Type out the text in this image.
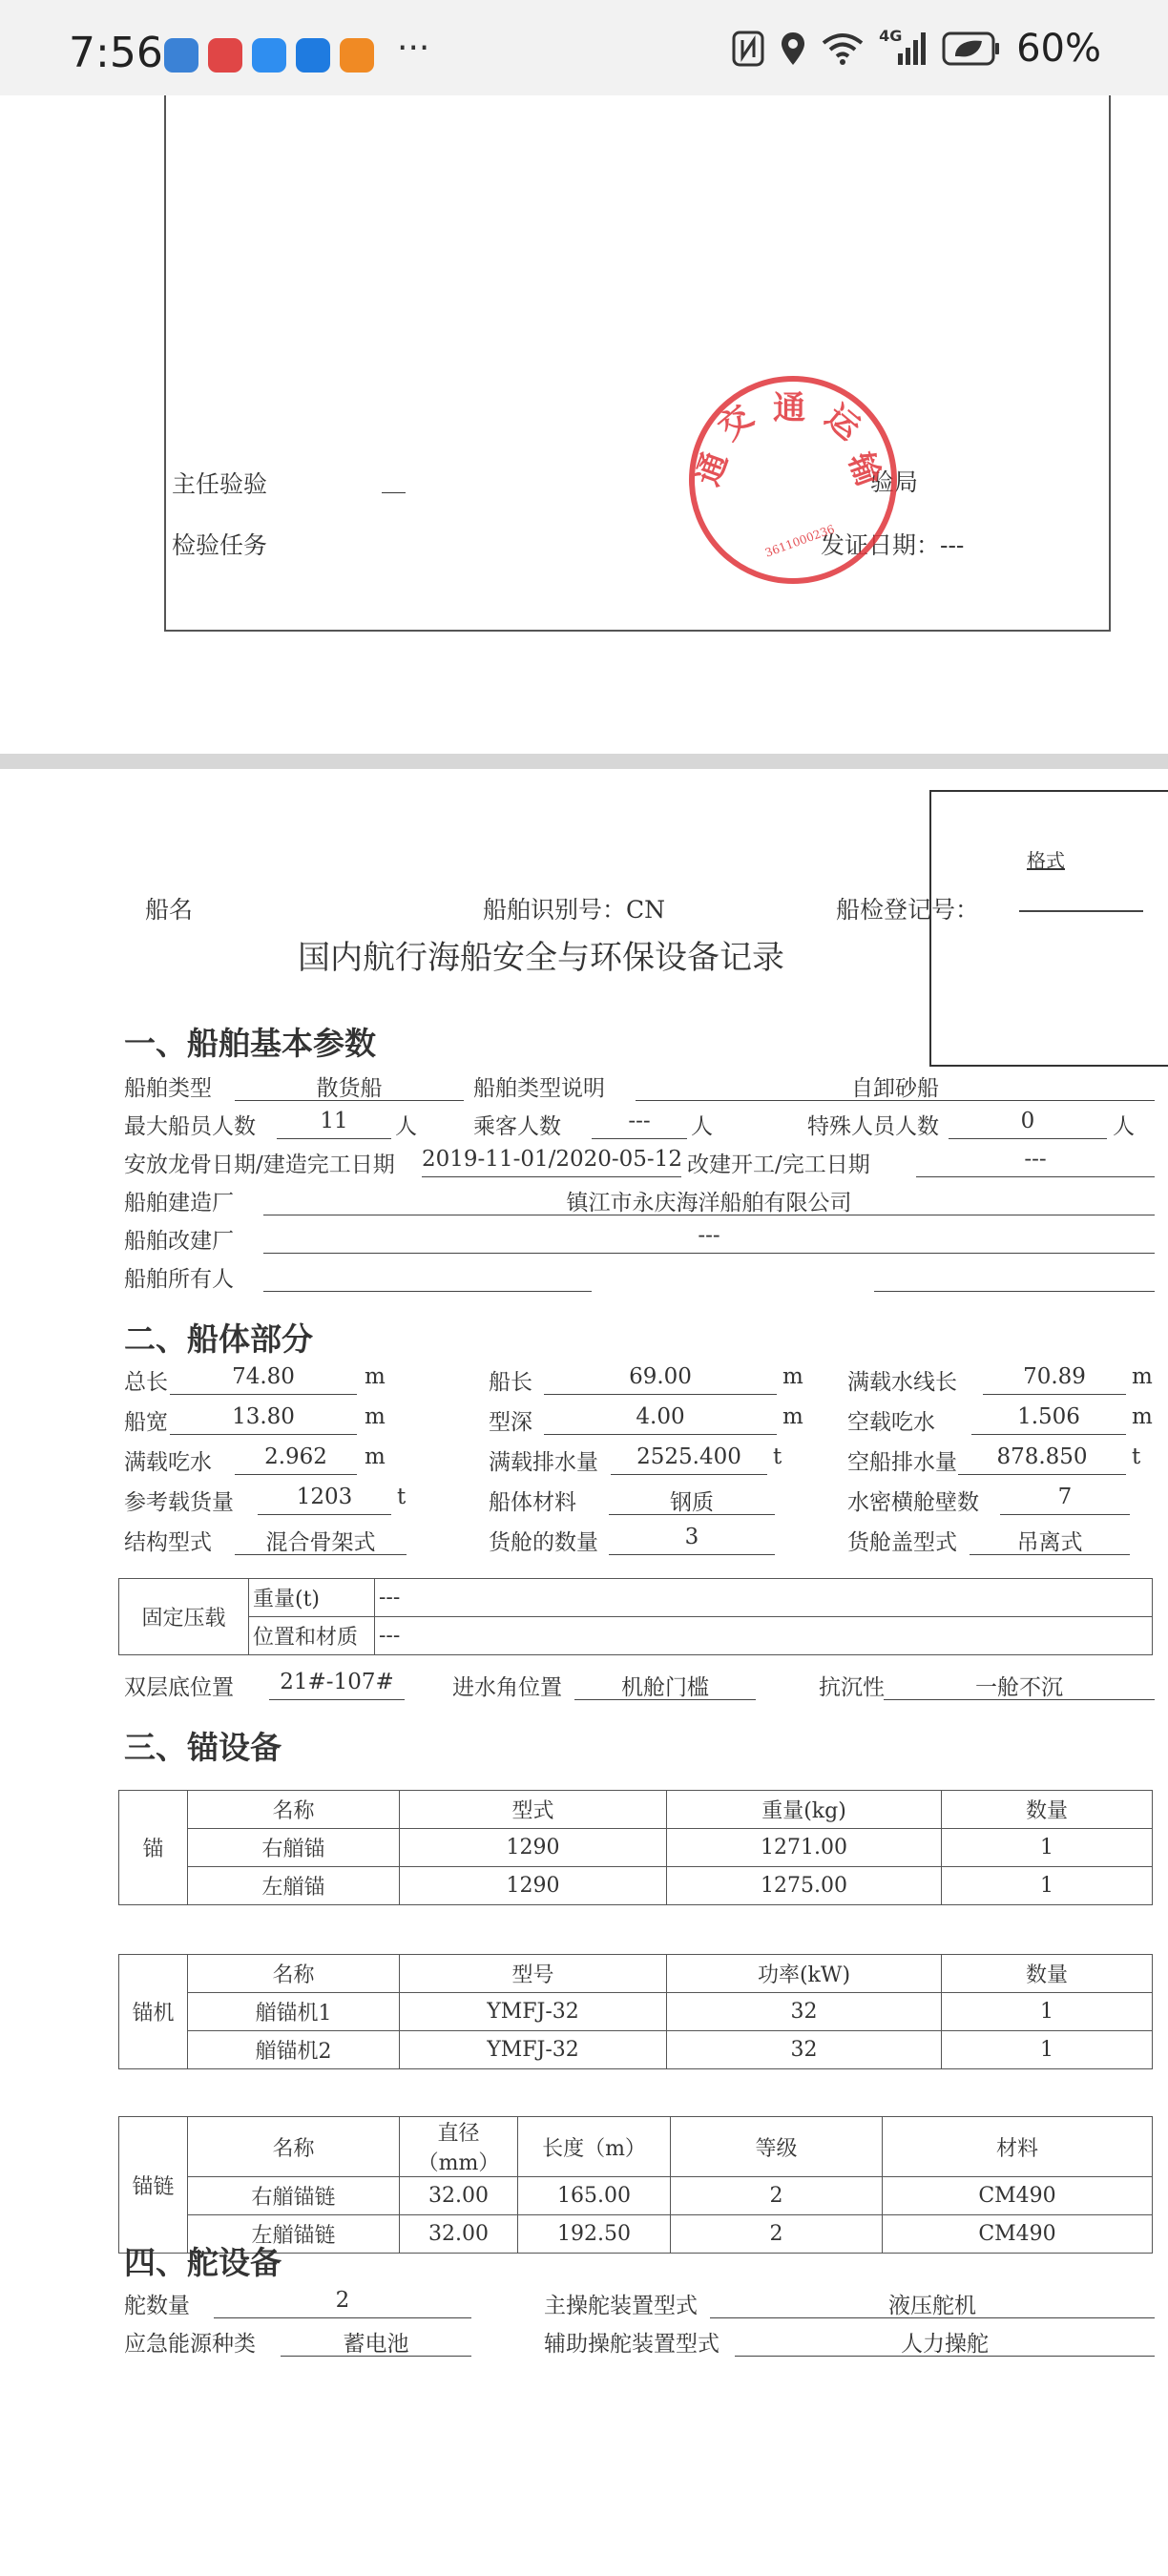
7:56	···	4G	60%
主任验验	__
检验任务
验局
发证日期：---
通
交 通 运
输
3611000236
格式
船名	船舶识别号：CN	船检登记号：
国内航行海船安全与环保设备记录
一、船舶基本参数
船舶类型	散货船	船舶类型说明	自卸砂船
最大船员人数	11	人	乘客人数	---	人	特殊人员人数	0	人
安放龙骨日期/建造完工日期 2019-11-01/2020-05-12 改建开工/完工日期	---
船舶建造厂	镇江市永庆海洋船舶有限公司
船舶改建厂	---
船舶所有人
二、船体部分
总长	74.80	m	船长	69.00	m 满载水线长	70.89	m
船宽	13.80	m	型深	4.00	m 空载吃水	1.506	m
满载吃水	2.962	m	满载排水量	2525.400	t	空船排水量	878.850	t
参考载货量	1203	t	船体材料	钢质	水密横舱壁数	7
结构型式	混合骨架式	货舱的数量	3	货舱盖型式	吊离式
固定压载	重量(t)	---
	位置和材质	---
双层底位置	21#-107#	进水角位置	机舱门槛	抗沉性	一舱不沉
三、锚设备
锚	名称	型式	重量(kg)	数量
	右艏锚	1290	1271.00	1
	左艏锚	1290	1275.00	1
锚机	名称	型号	功率(kW)	数量
	艏锚机1	YMFJ-32	32	1
	艏锚机2	YMFJ-32	32	1
锚链	名称	直径（mm）	长度（m）	等级	材料
	右艏锚链	32.00	165.00	2	CM490
	左艏锚链	32.00	192.50	2	CM490
四、舵设备
舵数量	2	主操舵装置型式	液压舵机
应急能源种类	蓄电池	辅助操舵装置型式	人力操舵
